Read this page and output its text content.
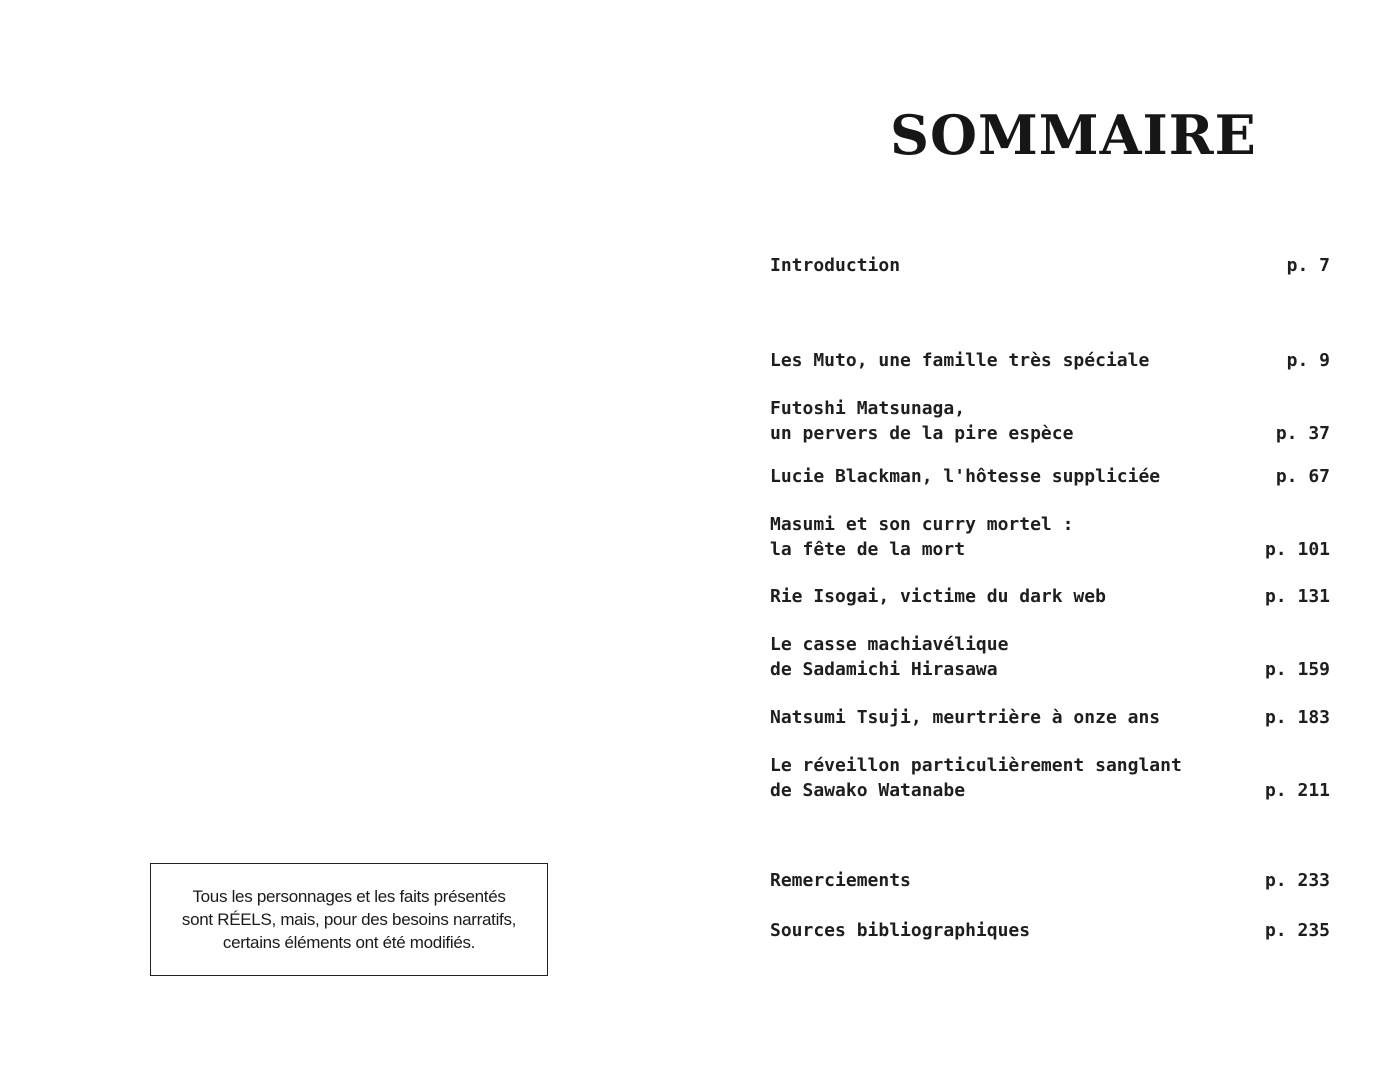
SOMMAIRE
Introduction	p. 7
Les Muto, une famille très spéciale	p. 9
Futoshi Matsunaga,
un pervers de la pire espèce	p. 37
Lucie Blackman, l'hôtesse suppliciée	p. 67
Masumi et son curry mortel :
la fête de la mort	p. 101
Rie Isogai, victime du dark web	p. 131
Le casse machiavélique
de Sadamichi Hirasawa	p. 159
Natsumi Tsuji, meurtrière à onze ans	p. 183
Le réveillon particulièrement sanglant
de Sawako Watanabe	p. 211
Remerciements	p. 233
Sources bibliographiques	p. 235
Tous les personnages et les faits présentés
sont RÉELS, mais, pour des besoins narratifs,
certains éléments ont été modifiés.
